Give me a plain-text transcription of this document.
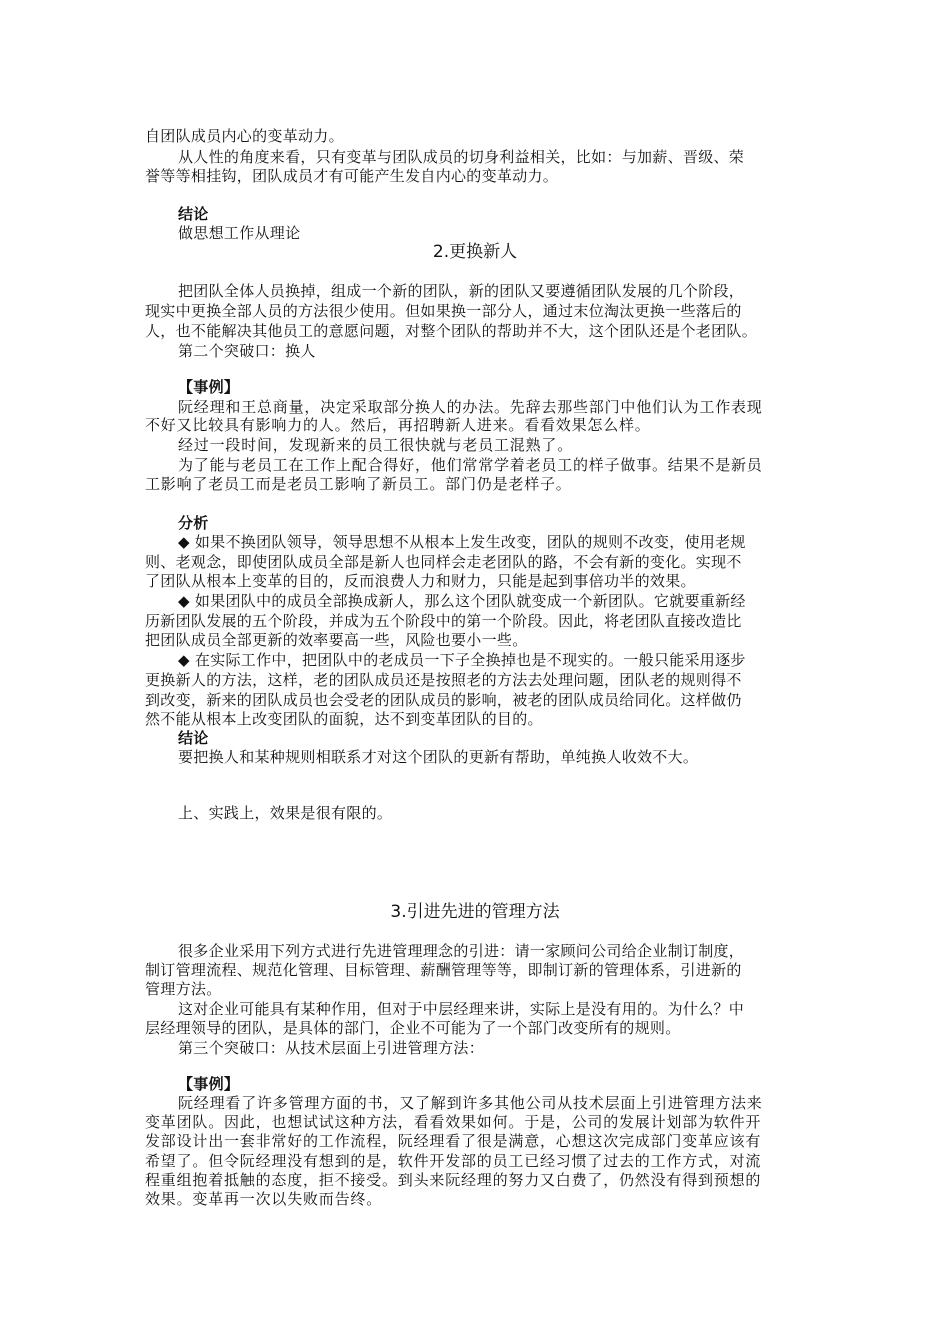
自团队成员内心的变革动力。
从人性的角度来看，只有变革与团队成员的切身利益相关，比如：与加薪、晋级、荣
誉等等相挂钩，团队成员才有可能产生发自内心的变革动力。
结论
做思想工作从理论
2.更换新人
把团队全体人员换掉，组成一个新的团队，新的团队又要遵循团队发展的几个阶段，
现实中更换全部人员的方法很少使用。但如果换一部分人，通过末位淘汰更换一些落后的
人，也不能解决其他员工的意愿问题，对整个团队的帮助并不大，这个团队还是个老团队。
第二个突破口：换人
【事例】
阮经理和王总商量，决定采取部分换人的办法。先辞去那些部门中他们认为工作表现
不好又比较具有影响力的人。然后，再招聘新人进来。看看效果怎么样。
经过一段时间，发现新来的员工很快就与老员工混熟了。
为了能与老员工在工作上配合得好，他们常常学着老员工的样子做事。结果不是新员
工影响了老员工而是老员工影响了新员工。部门仍是老样子。
分析
◆ 如果不换团队领导，领导思想不从根本上发生改变，团队的规则不改变，使用老规
则、老观念，即使团队成员全部是新人也同样会走老团队的路，不会有新的变化。实现不
了团队从根本上变革的目的，反而浪费人力和财力，只能是起到事倍功半的效果。
◆ 如果团队中的成员全部换成新人，那么这个团队就变成一个新团队。它就要重新经
历新团队发展的五个阶段，并成为五个阶段中的第一个阶段。因此，将老团队直接改造比
把团队成员全部更新的效率要高一些，风险也要小一些。
◆ 在实际工作中，把团队中的老成员一下子全换掉也是不现实的。一般只能采用逐步
更换新人的方法，这样，老的团队成员还是按照老的方法去处理问题，团队老的规则得不
到改变，新来的团队成员也会受老的团队成员的影响，被老的团队成员给同化。这样做仍
然不能从根本上改变团队的面貌，达不到变革团队的目的。
结论
要把换人和某种规则相联系才对这个团队的更新有帮助，单纯换人收效不大。
上、实践上，效果是很有限的。
3.引进先进的管理方法
很多企业采用下列方式进行先进管理理念的引进：请一家顾问公司给企业制订制度，
制订管理流程、规范化管理、目标管理、薪酬管理等等，即制订新的管理体系，引进新的
管理方法。
这对企业可能具有某种作用，但对于中层经理来讲，实际上是没有用的。为什么？中
层经理领导的团队，是具体的部门，企业不可能为了一个部门改变所有的规则。
第三个突破口：从技术层面上引进管理方法：
【事例】
阮经理看了许多管理方面的书，又了解到许多其他公司从技术层面上引进管理方法来
变革团队。因此，也想试试这种方法，看看效果如何。于是，公司的发展计划部为软件开
发部设计出一套非常好的工作流程，阮经理看了很是满意，心想这次完成部门变革应该有
希望了。但令阮经理没有想到的是，软件开发部的员工已经习惯了过去的工作方式，对流
程重组抱着抵触的态度，拒不接受。到头来阮经理的努力又白费了，仍然没有得到预想的
效果。变革再一次以失败而告终。
